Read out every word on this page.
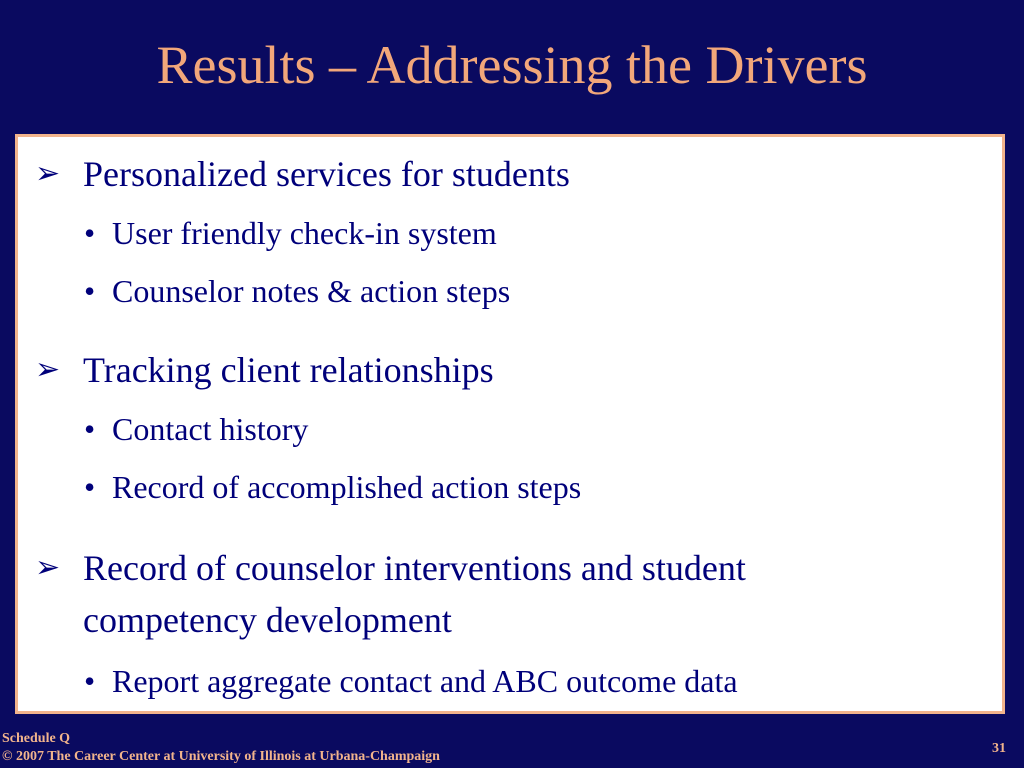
Results – Addressing the Drivers
➢ Personalized services for students
• User friendly check-in system
• Counselor notes & action steps
➢ Tracking client relationships
• Contact history
• Record of accomplished action steps
➢ Record of counselor interventions and student
competency development
• Report aggregate contact and ABC outcome data
Schedule Q
© 2007 The Career Center at University of Illinois at Urbana-Champaign
31
